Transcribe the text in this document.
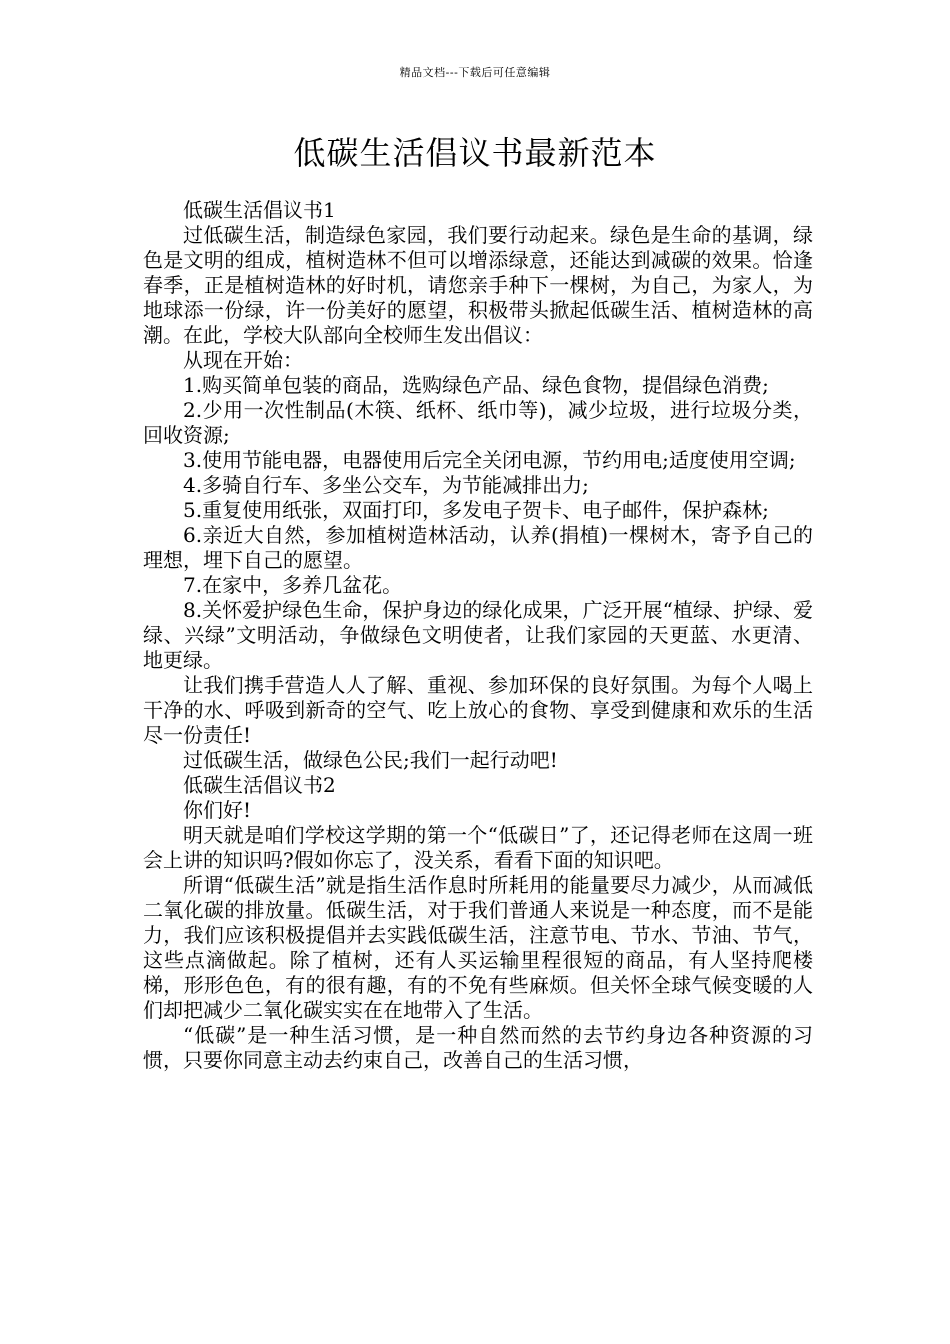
精品文档---下载后可任意编辑
低碳生活倡议书最新范本

低碳生活倡议书1

过低碳生活，制造绿色家园，我们要行动起来。绿色是生命的基调，绿色是文明的组成，植树造林不但可以增添绿意，还能达到减碳的效果。恰逢春季，正是植树造林的好时机，请您亲手种下一棵树，为自己，为家人，为地球添一份绿，许一份美好的愿望，积极带头掀起低碳生活、植树造林的高潮。在此，学校大队部向全校师生发出倡议：

从现在开始：

1.购买简单包装的商品，选购绿色产品、绿色食物，提倡绿色消费;

2.少用一次性制品(木筷、纸杯、纸巾等)，减少垃圾，进行垃圾分类，回收资源;

3.使用节能电器，电器使用后完全关闭电源，节约用电;适度使用空调;

4.多骑自行车、多坐公交车，为节能减排出力;

5.重复使用纸张，双面打印，多发电子贺卡、电子邮件，保护森林;

6.亲近大自然，参加植树造林活动，认养(捐植)一棵树木，寄予自己的理想，埋下自己的愿望。

7.在家中，多养几盆花。

8.关怀爱护绿色生命，保护身边的绿化成果，广泛开展“植绿、护绿、爱绿、兴绿”文明活动，争做绿色文明使者，让我们家园的天更蓝、水更清、地更绿。

让我们携手营造人人了解、重视、参加环保的良好氛围。为每个人喝上干净的水、呼吸到新奇的空气、吃上放心的食物、享受到健康和欢乐的生活尽一份责任!

过低碳生活，做绿色公民;我们一起行动吧!

低碳生活倡议书2

你们好!

明天就是咱们学校这学期的第一个“低碳日”了，还记得老师在这周一班会上讲的知识吗?假如你忘了，没关系，看看下面的知识吧。

所谓“低碳生活”就是指生活作息时所耗用的能量要尽力减少，从而减低二氧化碳的排放量。低碳生活，对于我们普通人来说是一种态度，而不是能力，我们应该积极提倡并去实践低碳生活，注意节电、节水、节油、节气，这些点滴做起。除了植树，还有人买运输里程很短的商品，有人坚持爬楼梯，形形色色，有的很有趣，有的不免有些麻烦。但关怀全球气候变暖的人们却把减少二氧化碳实实在在地带入了生活。

“低碳”是一种生活习惯，是一种自然而然的去节约身边各种资源的习惯，只要你同意主动去约束自己，改善自己的生活习惯，
